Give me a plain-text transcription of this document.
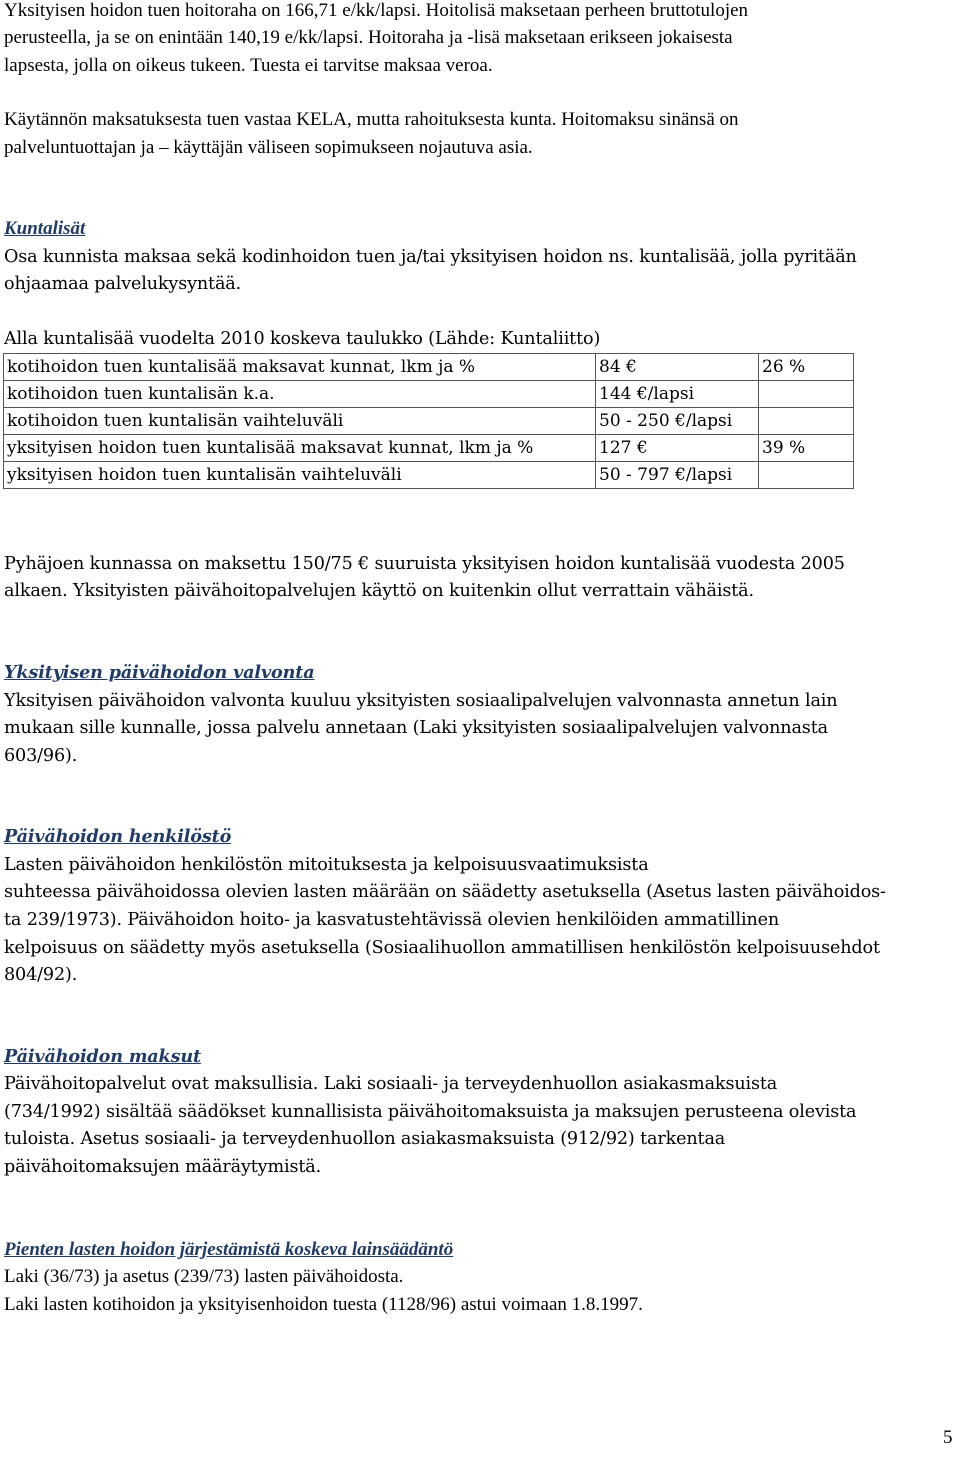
Yksityisen hoidon tuen hoitoraha on 166,71 e/kk/lapsi. Hoitolisä maksetaan perheen bruttotulojen
perusteella, ja se on enintään 140,19 e/kk/lapsi. Hoitoraha ja -lisä maksetaan erikseen jokaisesta
lapsesta, jolla on oikeus tukeen. Tuesta ei tarvitse maksaa veroa.
Käytännön maksatuksesta tuen vastaa KELA, mutta rahoituksesta kunta. Hoitomaksu sinänsä on
palveluntuottajan ja – käyttäjän väliseen sopimukseen nojautuva asia.
Kuntalisät
Osa kunnista maksaa sekä kodinhoidon tuen ja/tai yksityisen hoidon ns. kuntalisää, jolla pyritään
ohjaamaa palvelukysyntää.
Alla kuntalisää vuodelta 2010 koskeva taulukko (Lähde: Kuntaliitto)
kotihoidon tuen kuntalisää maksavat kunnat, lkm ja %	84 €	26 %
kotihoidon tuen kuntalisän k.a.	144 €/lapsi	
kotihoidon tuen kuntalisän vaihteluväli	50 - 250 €/lapsi	
yksityisen hoidon tuen kuntalisää maksavat kunnat, lkm ja %	127 €	39 %
yksityisen hoidon tuen kuntalisän vaihteluväli	50 - 797 €/lapsi	
Pyhäjoen kunnassa on maksettu 150/75 € suuruista yksityisen hoidon kuntalisää vuodesta 2005
alkaen. Yksityisten päivähoitopalvelujen käyttö on kuitenkin ollut verrattain vähäistä.
Yksityisen päivähoidon valvonta
Yksityisen päivähoidon valvonta kuuluu yksityisten sosiaalipalvelujen valvonnasta annetun lain
mukaan sille kunnalle, jossa palvelu annetaan (Laki yksityisten sosiaalipalvelujen valvonnasta
603/96).
Päivähoidon henkilöstö
Lasten päivähoidon henkilöstön mitoituksesta ja kelpoisuusvaatimuksista
suhteessa päivähoidossa olevien lasten määrään on säädetty asetuksella (Asetus lasten päivähoidos-
ta 239/1973). Päivähoidon hoito- ja kasvatustehtävissä olevien henkilöiden ammatillinen
kelpoisuus on säädetty myös asetuksella (Sosiaalihuollon ammatillisen henkilöstön kelpoisuusehdot
804/92).
Päivähoidon maksut
Päivähoitopalvelut ovat maksullisia. Laki sosiaali- ja terveydenhuollon asiakasmaksuista
(734/1992) sisältää säädökset kunnallisista päivähoitomaksuista ja maksujen perusteena olevista
tuloista. Asetus sosiaali- ja terveydenhuollon asiakasmaksuista (912/92) tarkentaa
päivähoitomaksujen määräytymistä.
Pienten lasten hoidon järjestämistä koskeva lainsäädäntö
Laki (36/73) ja asetus (239/73) lasten päivähoidosta.
Laki lasten kotihoidon ja yksityisenhoidon tuesta (1128/96) astui voimaan 1.8.1997.
5
